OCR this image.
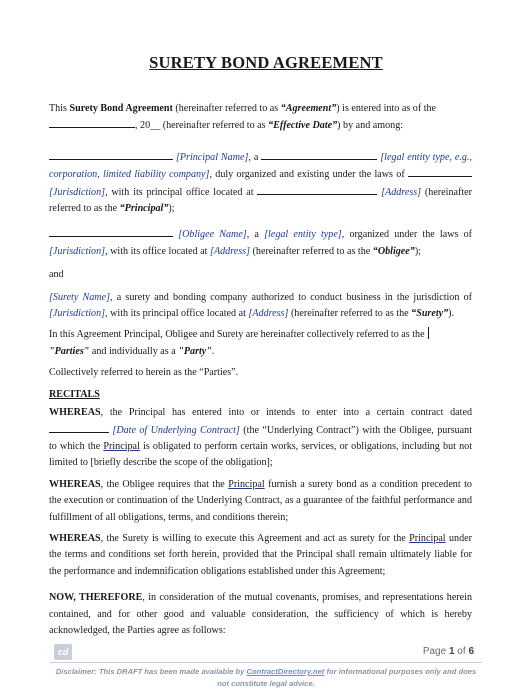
SURETY BOND AGREEMENT

This Surety Bond Agreement (hereinafter referred to as “Agreement”) is entered into as of the
, 20__ (hereinafter referred to as “Effective Date”) by and among:

[Principal Name], a	[legal entity type, e.g., corporation, limited liability company], duly organized and existing under the laws of  [Jurisdiction], with its principal office located at	[Address] (hereinafter referred to as the “Principal”);

[Obligee Name], a [legal entity type], organized under the laws of [Jurisdiction], with its office located at [Address] (hereinafter referred to as the “Obligee”);

and

[Surety Name], a surety and bonding company authorized to conduct business in the jurisdiction of [Jurisdiction], with its principal office located at [Address] (hereinafter referred to as the “Surety”).

In this Agreement Principal, Obligee and Surety are hereinafter collectively referred to as the
"Parties" and individually as a "Party".

Collectively referred to herein as the “Parties”.

RECITALS

WHEREAS, the Principal has entered into or intends to enter into a certain contract dated  [Date of Underlying Contract] (the “Underlying Contract”) with the Obligee, pursuant to which the Principal is obligated to perform certain works, services, or obligations, including but not limited to [briefly describe the scope of the obligation];

WHEREAS, the Obligee requires that the Principal furnish a surety bond as a condition precedent to the execution or continuation of the Underlying Contract, as a guarantee of the faithful performance and fulfillment of all obligations, terms, and conditions therein;

WHEREAS, the Surety is willing to execute this Agreement and act as surety for the Principal under the terms and conditions set forth herein, provided that the Principal shall remain ultimately liable for the performance and indemnification obligations established under this Agreement;

NOW, THEREFORE, in consideration of the mutual covenants, promises, and representations herein contained, and for other good and valuable consideration, the sufficiency of which is hereby acknowledged, the Parties agree as follows:

cd	Page 1 of 6
Disclaimer: This DRAFT has been made available by ContractDirectory.net for informational purposes only and does not constitute legal advice.
